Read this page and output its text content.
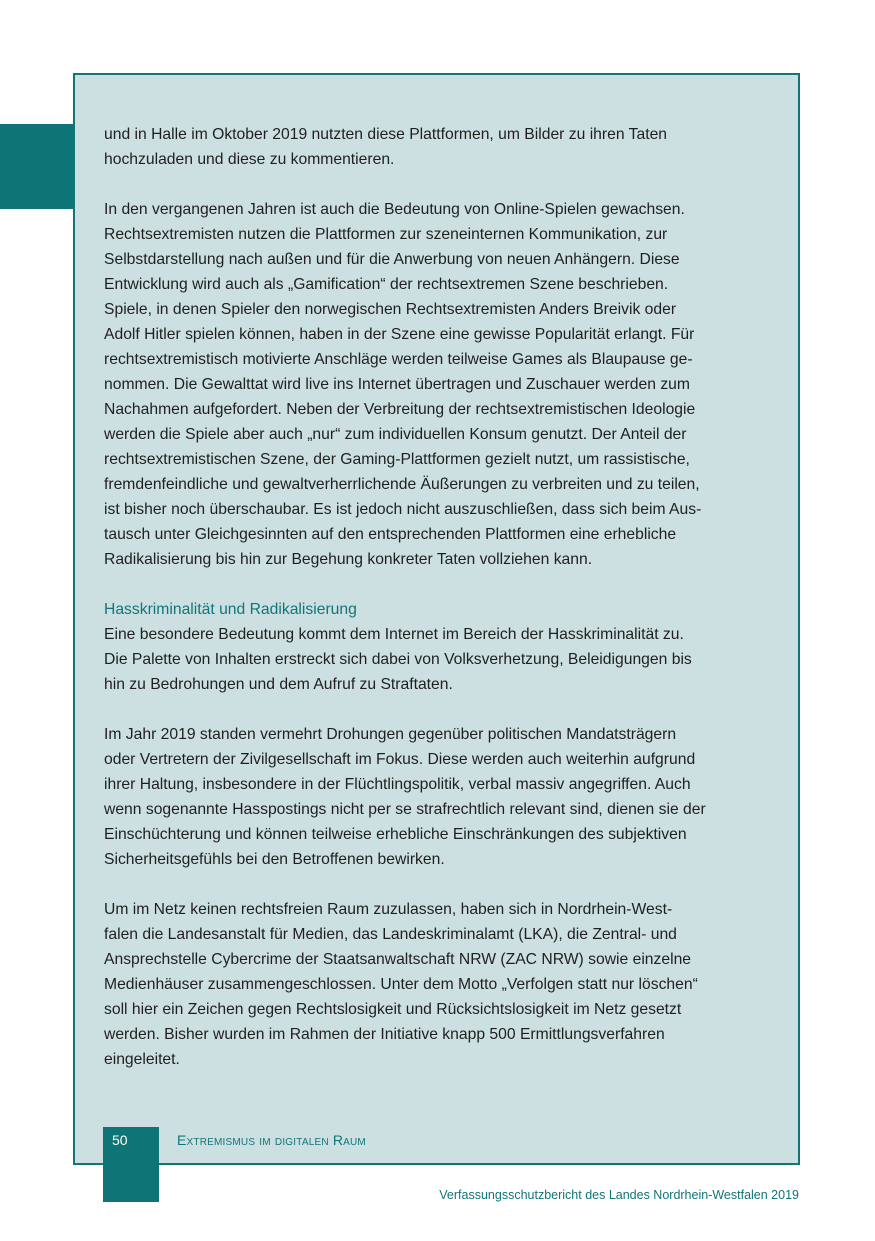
und in Halle im Oktober 2019 nutzten diese Plattformen, um Bilder zu ihren Taten
hochzuladen und diese zu kommentieren.

In den vergangenen Jahren ist auch die Bedeutung von Online-Spielen gewachsen.
Rechtsextremisten nutzen die Plattformen zur szeneinternen Kommunikation, zur
Selbstdarstellung nach außen und für die Anwerbung von neuen Anhängern. Diese
Entwicklung wird auch als „Gamification“ der rechtsextremen Szene beschrieben.
Spiele, in denen Spieler den norwegischen Rechtsextremisten Anders Breivik oder
Adolf Hitler spielen können, haben in der Szene eine gewisse Popularität erlangt. Für
rechtsextremistisch motivierte Anschläge werden teilweise Games als Blaupause ge-
nommen. Die Gewalttat wird live ins Internet übertragen und Zuschauer werden zum
Nachahmen aufgefordert. Neben der Verbreitung der rechtsextremistischen Ideologie
werden die Spiele aber auch „nur“ zum individuellen Konsum genutzt. Der Anteil der
rechtsextremistischen Szene, der Gaming-Plattformen gezielt nutzt, um rassistische,
fremdenfeindliche und gewaltverherrlichende Äußerungen zu verbreiten und zu teilen,
ist bisher noch überschaubar. Es ist jedoch nicht auszuschließen, dass sich beim Aus-
tausch unter Gleichgesinnten auf den entsprechenden Plattformen eine erhebliche
Radikalisierung bis hin zur Begehung konkreter Taten vollziehen kann.

Hasskriminalität und Radikalisierung

Eine besondere Bedeutung kommt dem Internet im Bereich der Hasskriminalität zu.
Die Palette von Inhalten erstreckt sich dabei von Volksverhetzung, Beleidigungen bis
hin zu Bedrohungen und dem Aufruf zu Straftaten.

Im Jahr 2019 standen vermehrt Drohungen gegenüber politischen Mandatsträgern
oder Vertretern der Zivilgesellschaft im Fokus. Diese werden auch weiterhin aufgrund
ihrer Haltung, insbesondere in der Flüchtlingspolitik, verbal massiv angegriffen. Auch
wenn sogenannte Hasspostings nicht per se strafrechtlich relevant sind, dienen sie der
Einschüchterung und können teilweise erhebliche Einschränkungen des subjektiven
Sicherheitsgefühls bei den Betroffenen bewirken.

Um im Netz keinen rechtsfreien Raum zuzulassen, haben sich in Nordrhein-West-
falen die Landesanstalt für Medien, das Landeskriminalamt (LKA), die Zentral- und
Ansprechstelle Cybercrime der Staatsanwaltschaft NRW (ZAC NRW) sowie einzelne
Medienhäuser zusammengeschlossen. Unter dem Motto „Verfolgen statt nur löschen“
soll hier ein Zeichen gegen Rechtslosigkeit und Rücksichtslosigkeit im Netz gesetzt
werden. Bisher wurden im Rahmen der Initiative knapp 500 Ermittlungsverfahren
eingeleitet.

50	Extremismus im digitalen Raum
Verfassungsschutzbericht des Landes Nordrhein-Westfalen 2019
